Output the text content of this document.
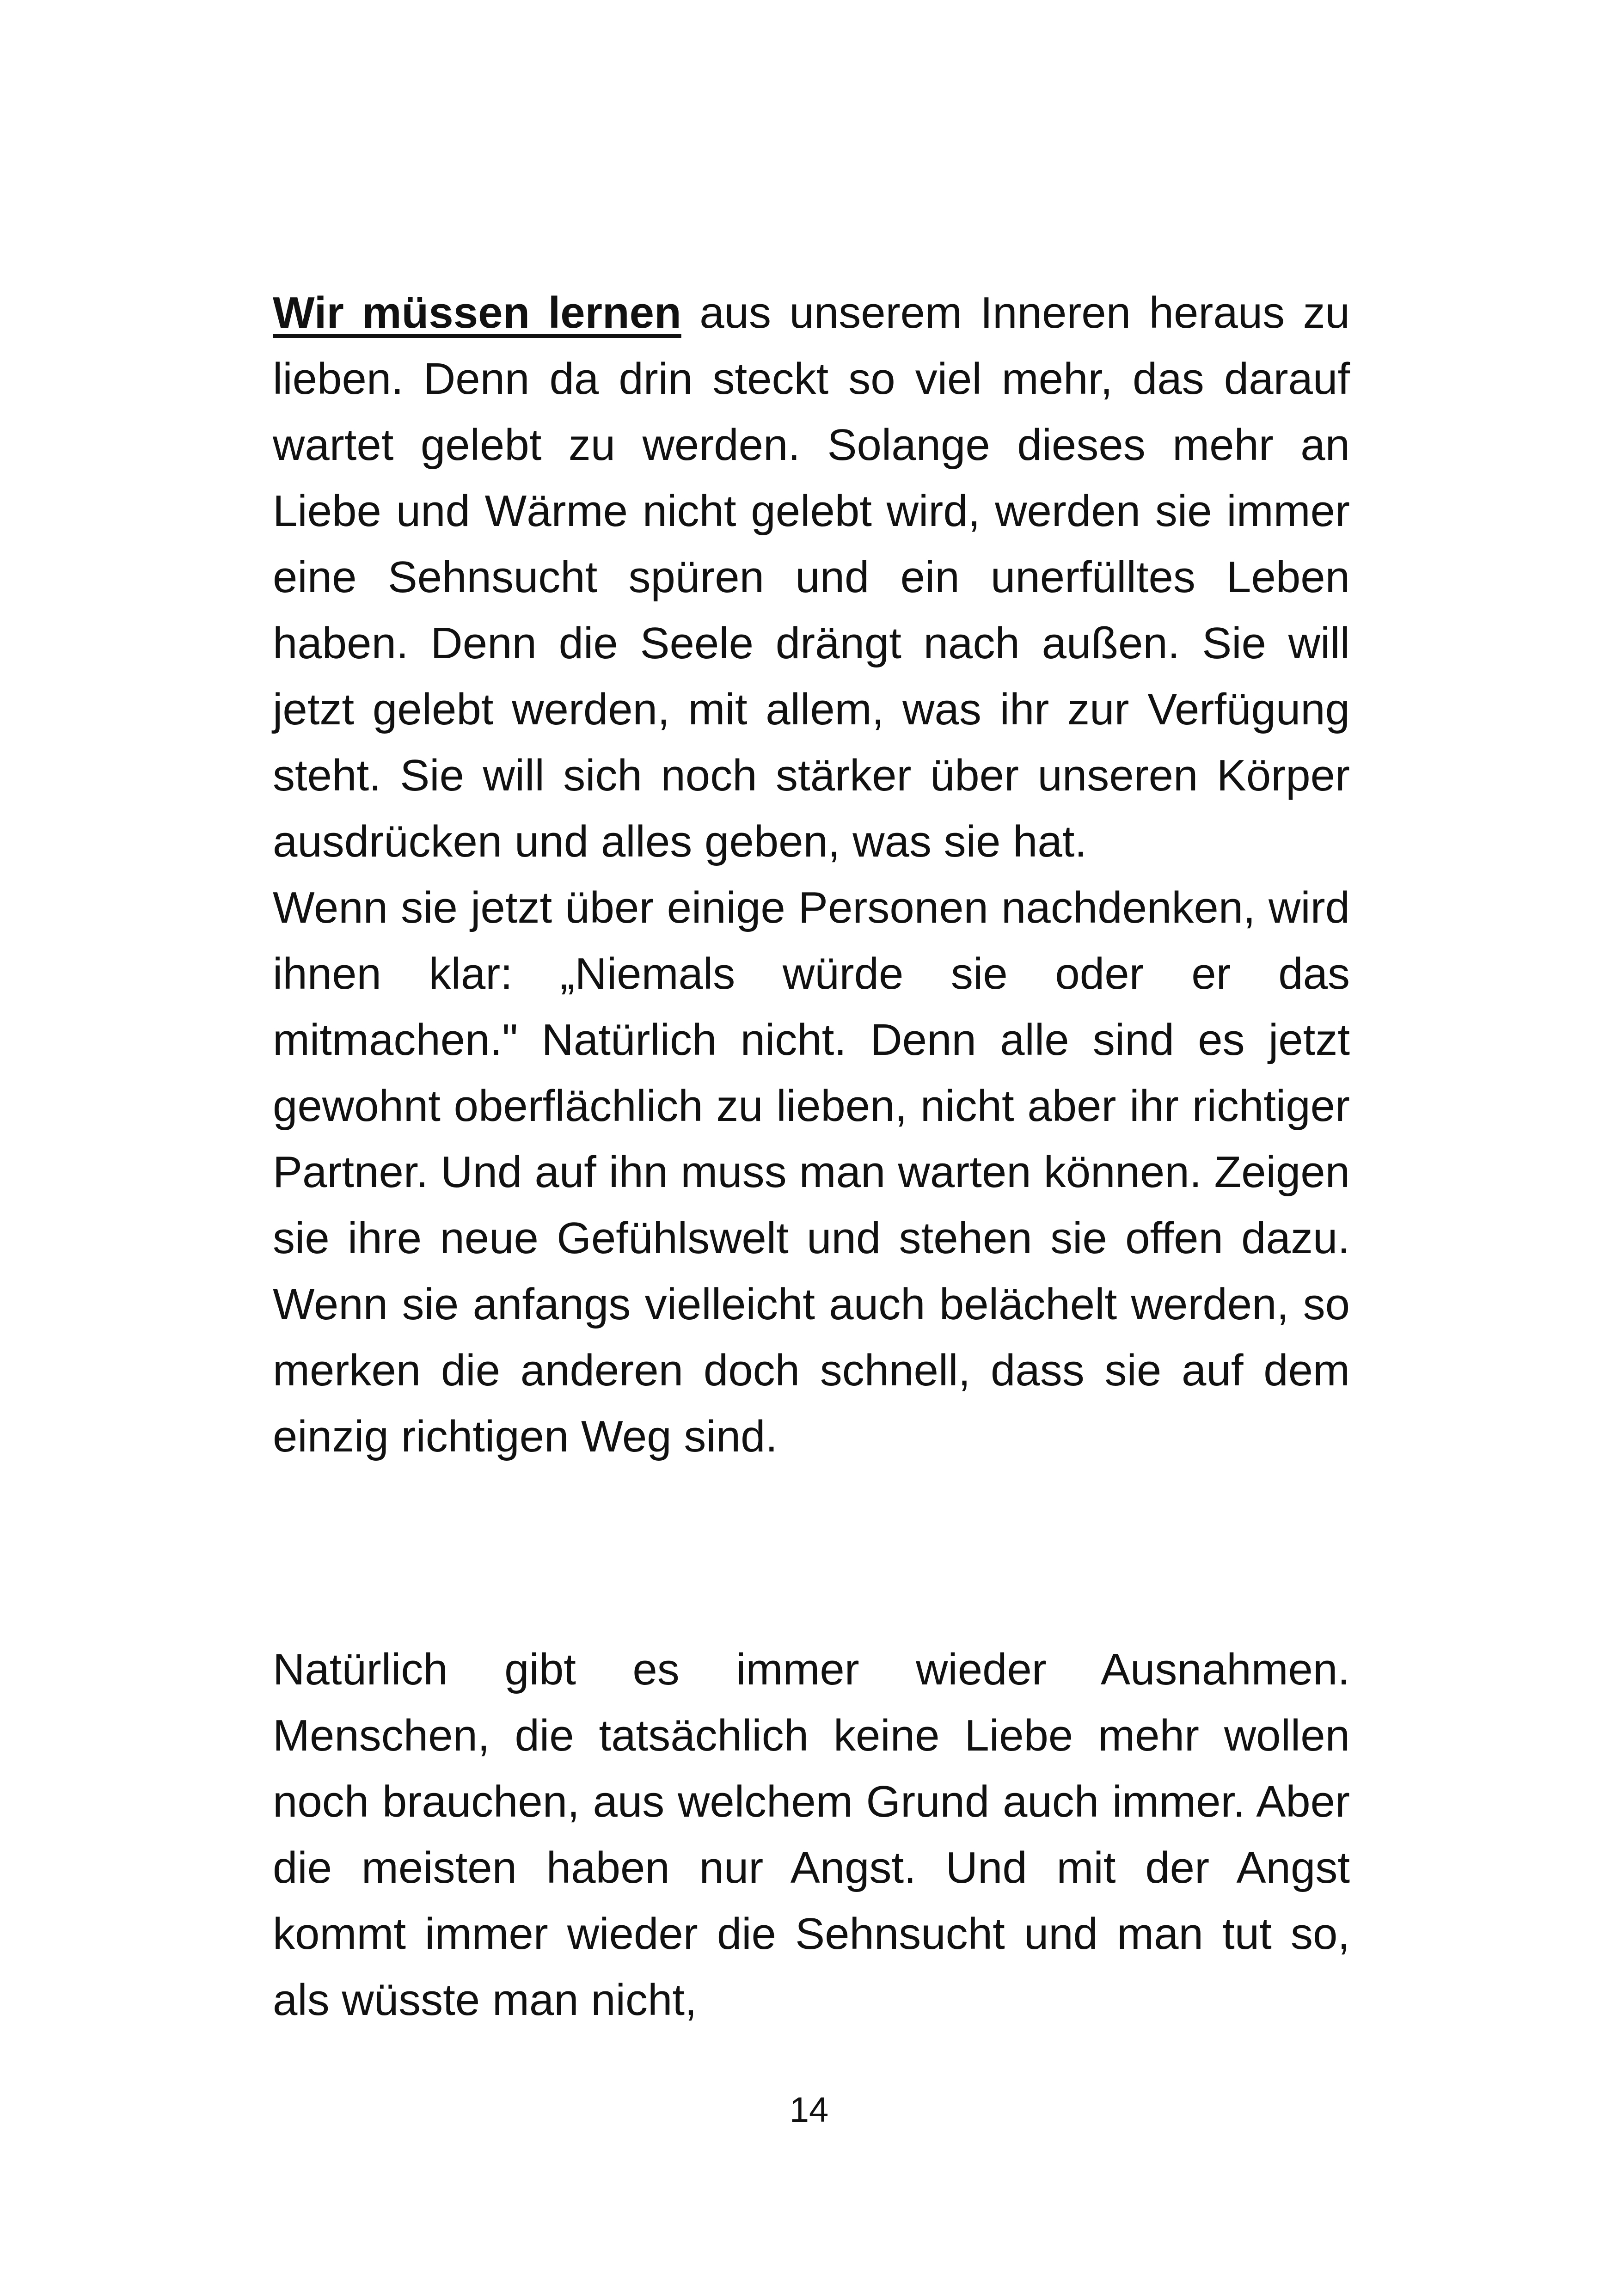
Wir müssen lernen aus unserem Inneren heraus zu lieben. Denn da drin steckt so viel mehr, das darauf wartet gelebt zu werden. Solange dieses mehr an Liebe und Wärme nicht gelebt wird, werden sie immer eine Sehnsucht spüren und ein unerfülltes Leben haben. Denn die Seele drängt nach außen. Sie will jetzt gelebt werden, mit allem, was ihr zur Verfügung steht. Sie will sich noch stärker über unseren Körper ausdrücken und alles geben, was sie hat.

Wenn sie jetzt über einige Personen nachdenken, wird ihnen klar: „Niemals würde sie oder er das mitmachen." Natürlich nicht. Denn alle sind es jetzt gewohnt oberflächlich zu lieben, nicht aber ihr richtiger Partner. Und auf ihn muss man warten können. Zeigen sie ihre neue Gefühlswelt und stehen sie offen dazu. Wenn sie anfangs vielleicht auch belächelt werden, so merken die anderen doch schnell, dass sie auf dem einzig richtigen Weg sind.

Natürlich gibt es immer wieder Ausnahmen. Menschen, die tatsächlich keine Liebe mehr wollen noch brauchen, aus welchem Grund auch immer. Aber die meisten haben nur Angst. Und mit der Angst kommt immer wieder die Sehnsucht und man tut so, als wüsste man nicht,

14
